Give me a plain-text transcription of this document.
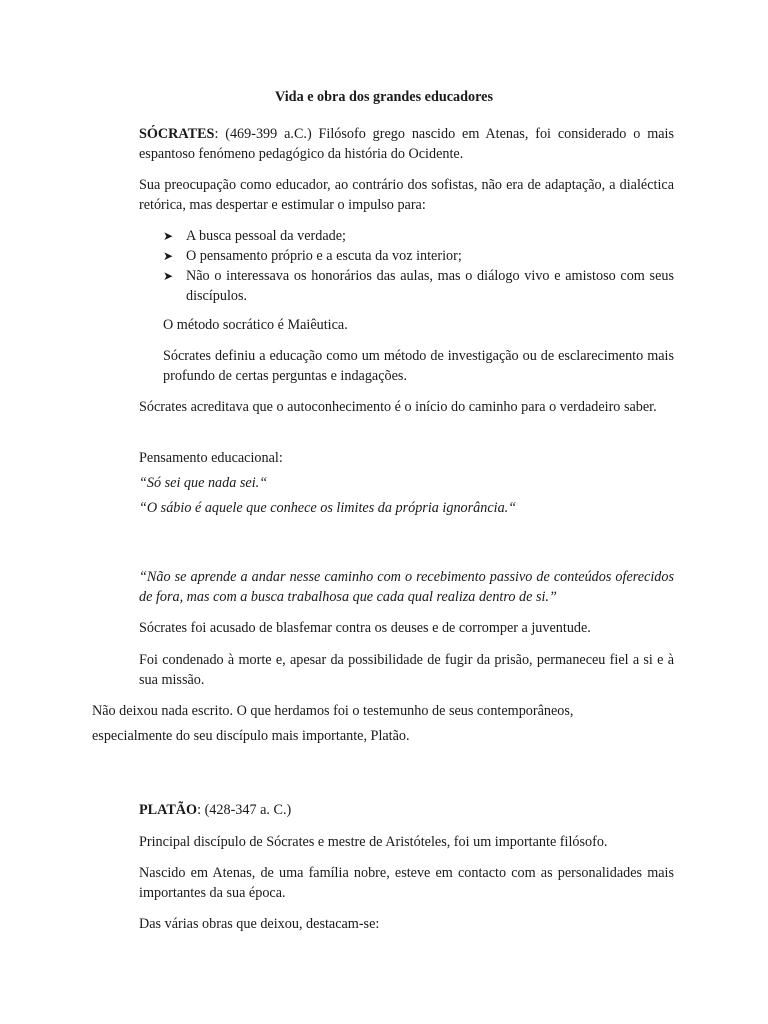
Vida e obra dos grandes educadores

SÓCRATES: (469-399 a.C.) Filósofo grego nascido em Atenas, foi considerado o mais espantoso fenómeno pedagógico da história do Ocidente.

Sua preocupação como educador, ao contrário dos sofistas, não era de adaptação, a dialéctica retórica, mas despertar e estimular o impulso para:

➤ A busca pessoal da verdade;
➤ O pensamento próprio e a escuta da voz interior;
➤ Não o interessava os honorários das aulas, mas o diálogo vivo e amistoso com seus discípulos.

O método socrático é Maiêutica.

Sócrates definiu a educação como um método de investigação ou de esclarecimento mais profundo de certas perguntas e indagações.

Sócrates acreditava que o autoconhecimento é o início do caminho para o verdadeiro saber.

Pensamento educacional:

“Só sei que nada sei.“

“O sábio é aquele que conhece os limites da própria ignorância.“

“Não se aprende a andar nesse caminho com o recebimento passivo de conteúdos oferecidos de fora, mas com a busca trabalhosa que cada qual realiza dentro de si.”

Sócrates foi acusado de blasfemar contra os deuses e de corromper a juventude.

Foi condenado à morte e, apesar da possibilidade de fugir da prisão, permaneceu fiel a si e à sua missão.

Não deixou nada escrito. O que herdamos foi o testemunho de seus contemporâneos,

especialmente do seu discípulo mais importante, Platão.

PLATÃO: (428-347 a. C.)

Principal discípulo de Sócrates e mestre de Aristóteles, foi um importante filósofo.

Nascido em Atenas, de uma família nobre, esteve em contacto com as personalidades mais importantes da sua época.

Das várias obras que deixou, destacam-se:
